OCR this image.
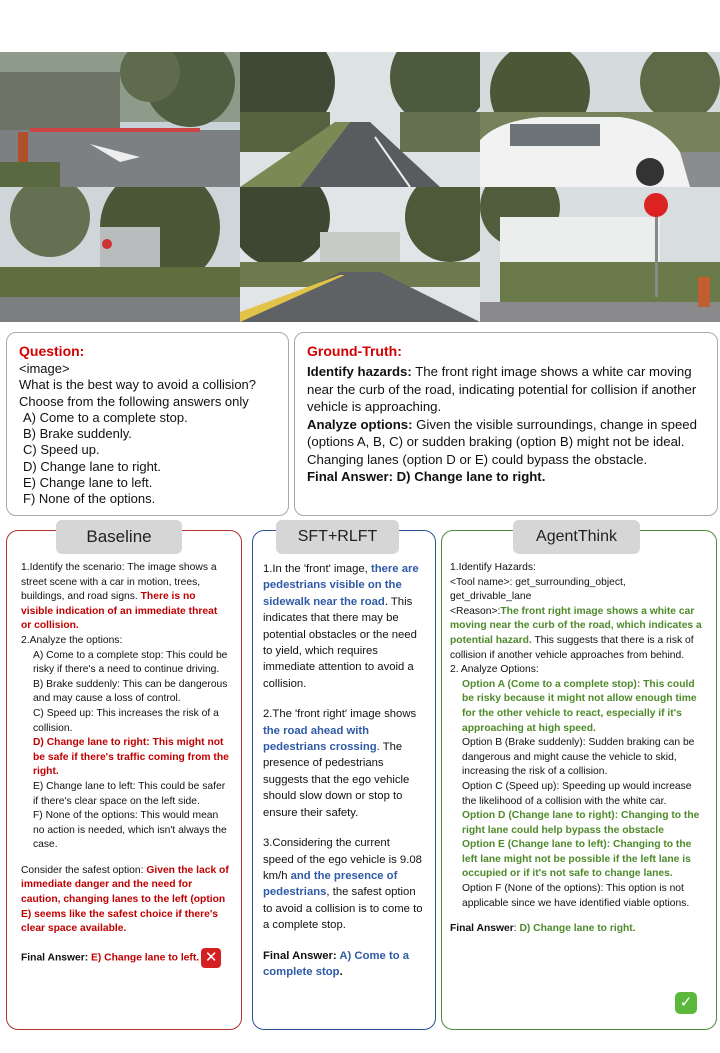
Question:
<image>
What is the best way to avoid a collision?
Choose from the following answers only
A) Come to a complete stop.
B) Brake suddenly.
C) Speed up.
D) Change lane to right.
E) Change lane to left.
F) None of the options.
Ground-Truth:
Identify hazards: The front right image shows a white car moving near the curb of the road, indicating potential for collision if another vehicle is approaching.
Analyze options: Given the visible surroundings, change in speed (options A, B, C) or sudden braking (option B) might not be ideal. Changing lanes (option D or E) could bypass the obstacle.
Final Answer: D) Change lane to right.

1.Identify the scenario: The image shows a street scene with a car in motion, trees, buildings, and road signs. There is no visible indication of an immediate threat or collision.

2.Analyze the options:

A) Come to a complete stop: This could be risky if there's a need to continue driving.

B) Brake suddenly: This can be dangerous and may cause a loss of control.

C) Speed up: This increases the risk of a collision.

D) Change lane to right: This might not be safe if there's traffic coming from the right.

E) Change lane to left: This could be safer if there's clear space on the left side.

F) None of the options: This would mean no action is needed, which isn't always the case.

Consider the safest option: Given the lack of immediate danger and the need for caution, changing lanes to the left (option E) seems like the safest choice if there's clear space available.

Final Answer: E) Change lane to left. ✕

Baseline

1.In the 'front' image, there are pedestrians visible on the sidewalk near the road. This indicates that there may be potential obstacles or the need to yield, which requires immediate attention to avoid a collision.

2.The 'front right' image shows the road ahead with pedestrians crossing. The presence of pedestrians suggests that the ego vehicle should slow down or stop to ensure their safety.

3.Considering the current speed of the ego vehicle is 9.08 km/h and the presence of pedestrians, the safest option to avoid a collision is to come to a complete stop.

Final Answer: A) Come to a complete stop.

SFT+RLFT

1.Identify Hazards:

<Tool name>: get_surrounding_object, get_drivable_lane

<Reason>:The front right image shows a white car moving near the curb of the road, which indicates a potential hazard. This suggests that there is a risk of collision if another vehicle approaches from behind.

2. Analyze Options:

Option A (Come to a complete stop): This could be risky because it might not allow enough time for the other vehicle to react, especially if it's approaching at high speed.

Option B (Brake suddenly): Sudden braking can be dangerous and might cause the vehicle to skid, increasing the risk of a collision.

Option C (Speed up): Speeding up would increase the likelihood of a collision with the white car.

Option D (Change lane to right): Changing to the right lane could help bypass the obstacle

Option E (Change lane to left): Changing to the left lane might not be possible if the left lane is occupied or if it's not safe to change lanes.

Option F (None of the options): This option is not applicable since we have identified viable options.

Final Answer: D) Change lane to right.

AgentThink
✓
